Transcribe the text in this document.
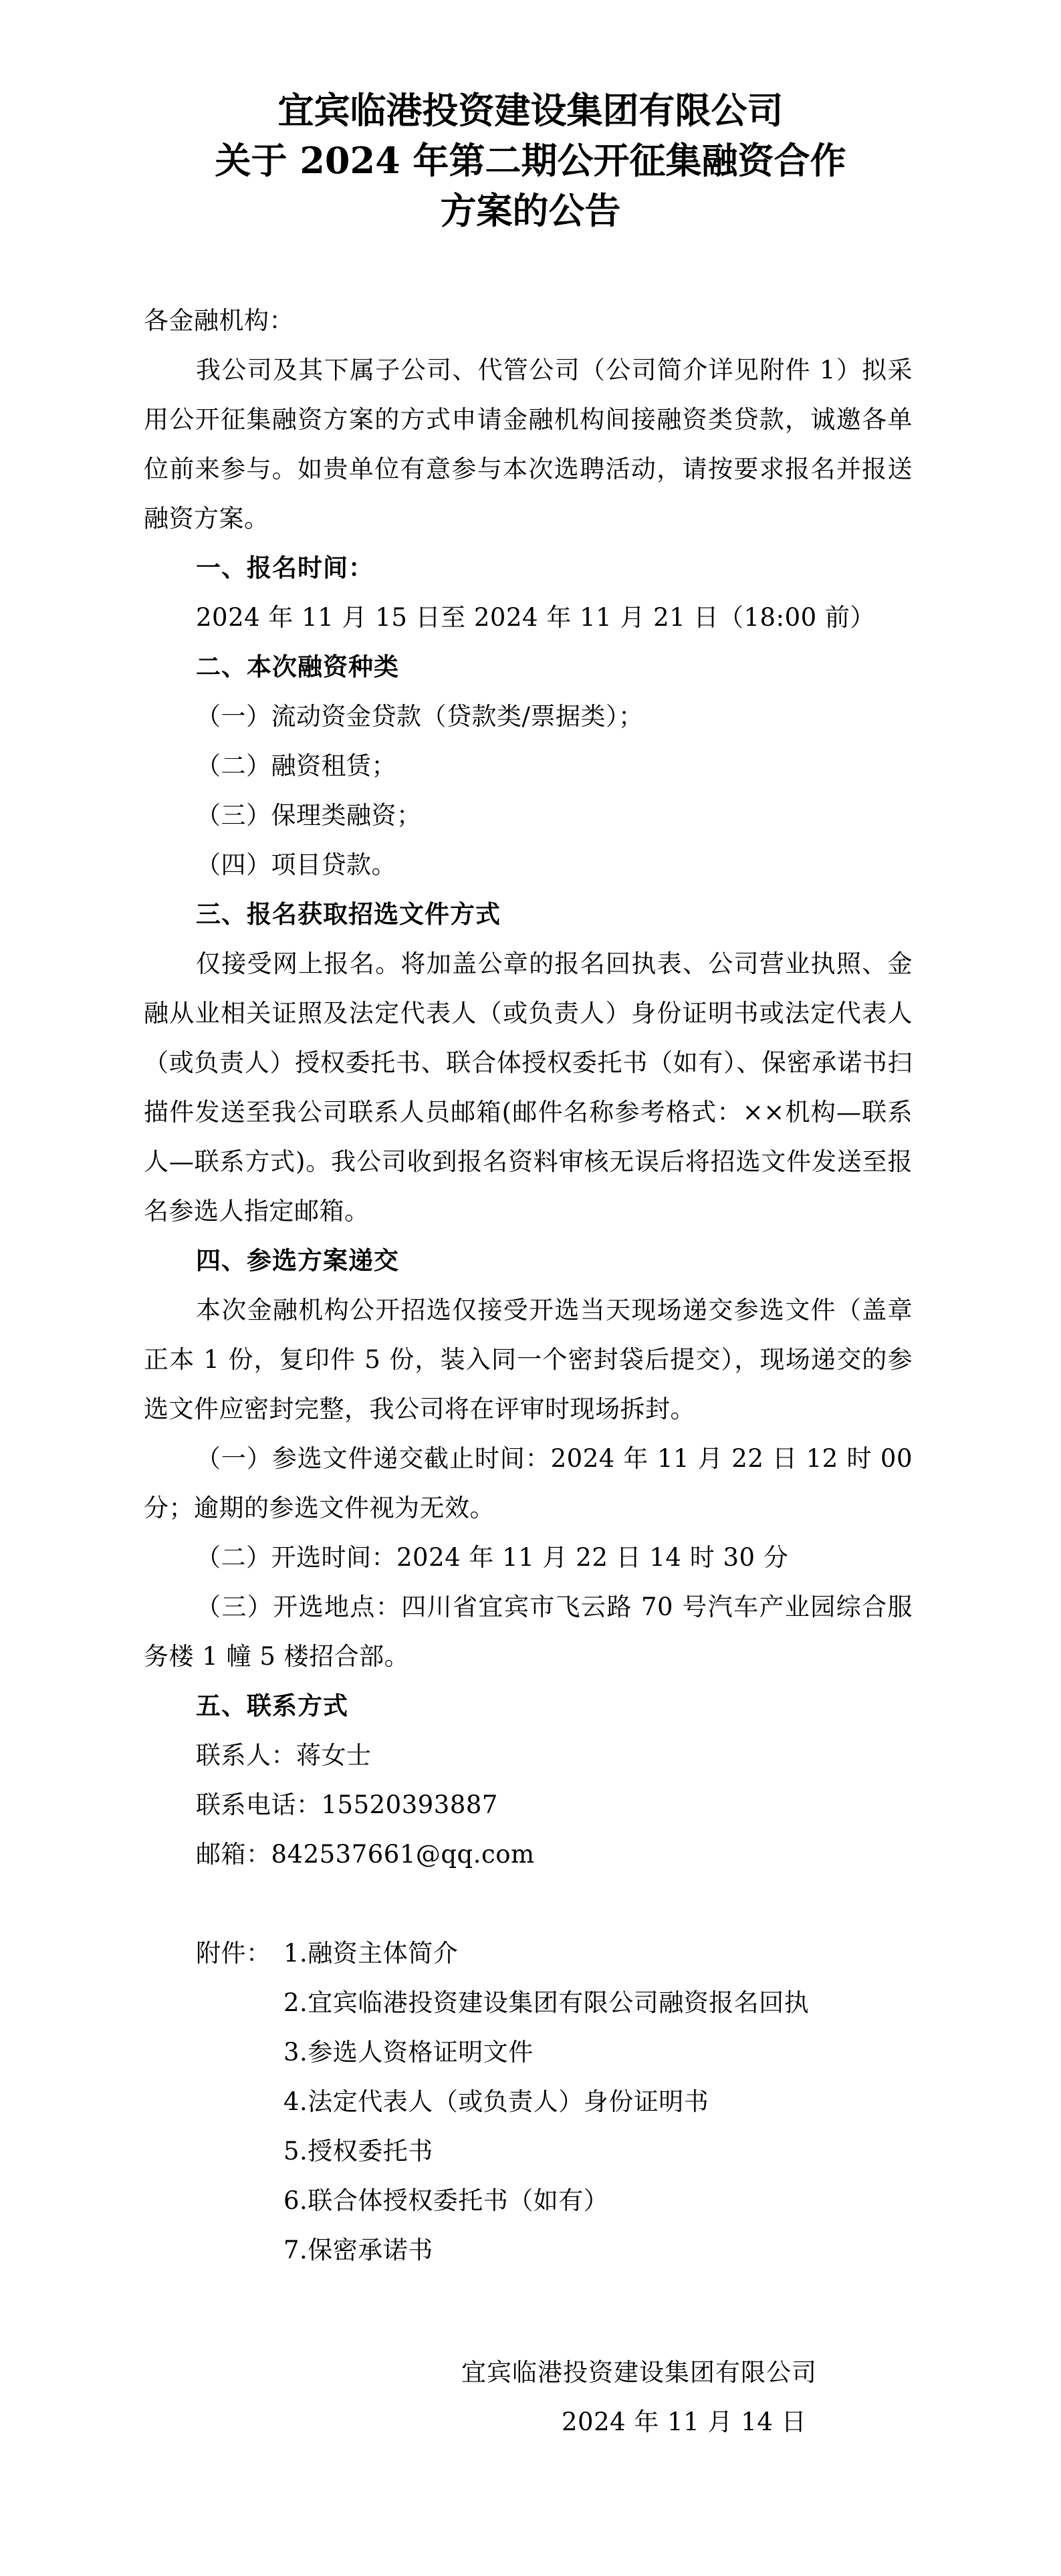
宜宾临港投资建设集团有限公司
关于 2024 年第二期公开征集融资合作
方案的公告

各金融机构：

我公司及其下属子公司、代管公司（公司简介详见附件 1）拟采用公开征集融资方案的方式申请金融机构间接融资类贷款，诚邀各单位前来参与。如贵单位有意参与本次选聘活动，请按要求报名并报送融资方案。

一、报名时间：

2024 年 11 月 15 日至 2024 年 11 月 21 日（18:00 前）

二、本次融资种类

（一）流动资金贷款（贷款类/票据类）；

（二）融资租赁；

（三）保理类融资；

（四）项目贷款。

三、报名获取招选文件方式

仅接受网上报名。将加盖公章的报名回执表、公司营业执照、金融从业相关证照及法定代表人（或负责人）身份证明书或法定代表人（或负责人）授权委托书、联合体授权委托书（如有）、保密承诺书扫描件发送至我公司联系人员邮箱(邮件名称参考格式：××机构—联系人—联系方式)。我公司收到报名资料审核无误后将招选文件发送至报名参选人指定邮箱。

四、参选方案递交

本次金融机构公开招选仅接受开选当天现场递交参选文件（盖章正本 1 份，复印件 5 份，装入同一个密封袋后提交），现场递交的参选文件应密封完整，我公司将在评审时现场拆封。

（一）参选文件递交截止时间：2024 年 11 月 22 日 12 时 00 分；逾期的参选文件视为无效。

（二）开选时间：2024 年 11 月 22 日 14 时 30 分

（三）开选地点：四川省宜宾市飞云路 70 号汽车产业园综合服务楼 1 幢 5 楼招合部。

五、联系方式

联系人：蒋女士

联系电话：15520393887

邮箱：842537661@qq.com

附件： 1.融资主体简介
2.宜宾临港投资建设集团有限公司融资报名回执
3.参选人资格证明文件
4.法定代表人（或负责人）身份证明书
5.授权委托书
6.联合体授权委托书（如有）
7.保密承诺书
宜宾临港投资建设集团有限公司
2024 年 11 月 14 日
